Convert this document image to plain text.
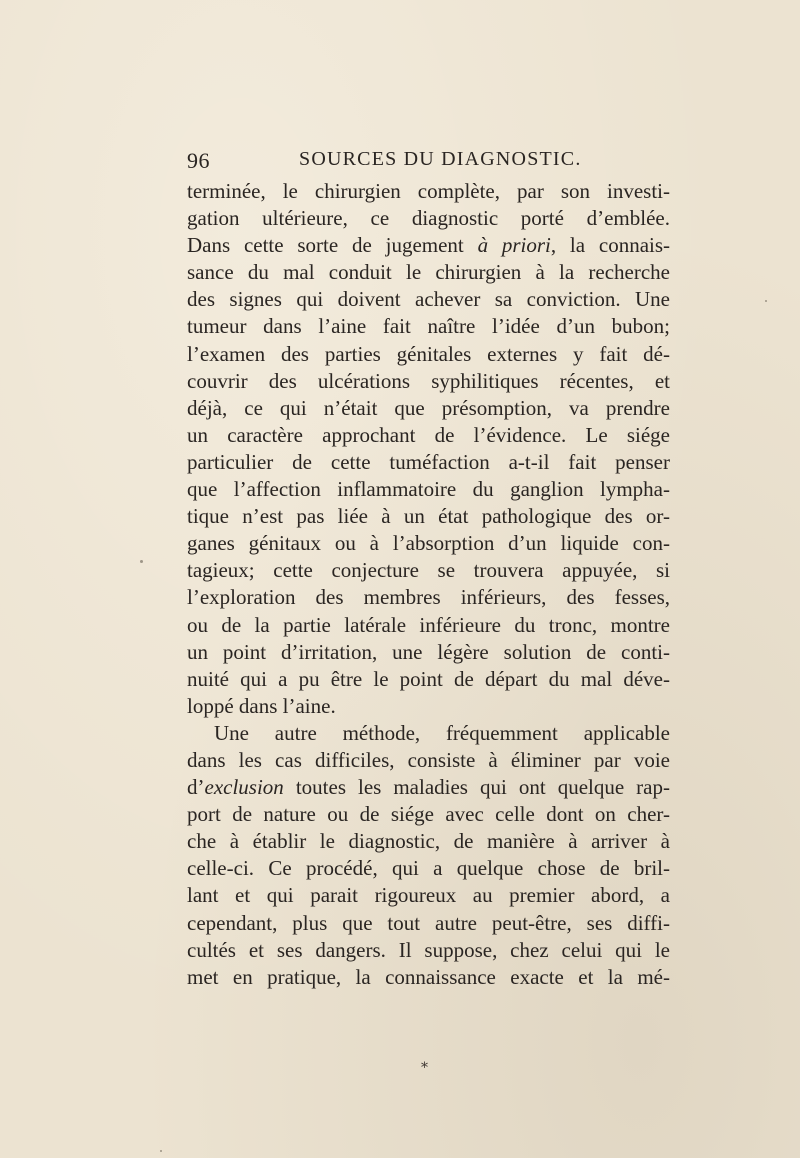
96	SOURCES DU DIAGNOSTIC.
terminée, le chirurgien complète, par son investi-
gation ultérieure, ce diagnostic porté d’emblée.
Dans cette sorte de jugement à priori, la connais-
sance du mal conduit le chirurgien à la recherche
des signes qui doivent achever sa conviction. Une
tumeur dans l’aine fait naître l’idée d’un bubon;
l’examen des parties génitales externes y fait dé-
couvrir des ulcérations syphilitiques récentes, et
déjà, ce qui n’était que présomption, va prendre
un caractère approchant de l’évidence. Le siége
particulier de cette tuméfaction a-t-il fait penser
que l’affection inflammatoire du ganglion lympha-
tique n’est pas liée à un état pathologique des or-
ganes génitaux ou à l’absorption d’un liquide con-
tagieux; cette conjecture se trouvera appuyée, si
l’exploration des membres inférieurs, des fesses,
ou de la partie latérale inférieure du tronc, montre
un point d’irritation, une légère solution de conti-
nuité qui a pu être le point de départ du mal déve-
loppé dans l’aine.
Une autre méthode, fréquemment applicable
dans les cas difficiles, consiste à éliminer par voie
d’exclusion toutes les maladies qui ont quelque rap-
port de nature ou de siége avec celle dont on cher-
che à établir le diagnostic, de manière à arriver à
celle-ci. Ce procédé, qui a quelque chose de bril-
lant et qui parait rigoureux au premier abord, a
cependant, plus que tout autre peut-être, ses diffi-
cultés et ses dangers. Il suppose, chez celui qui le
met en pratique, la connaissance exacte et la mé-
*
